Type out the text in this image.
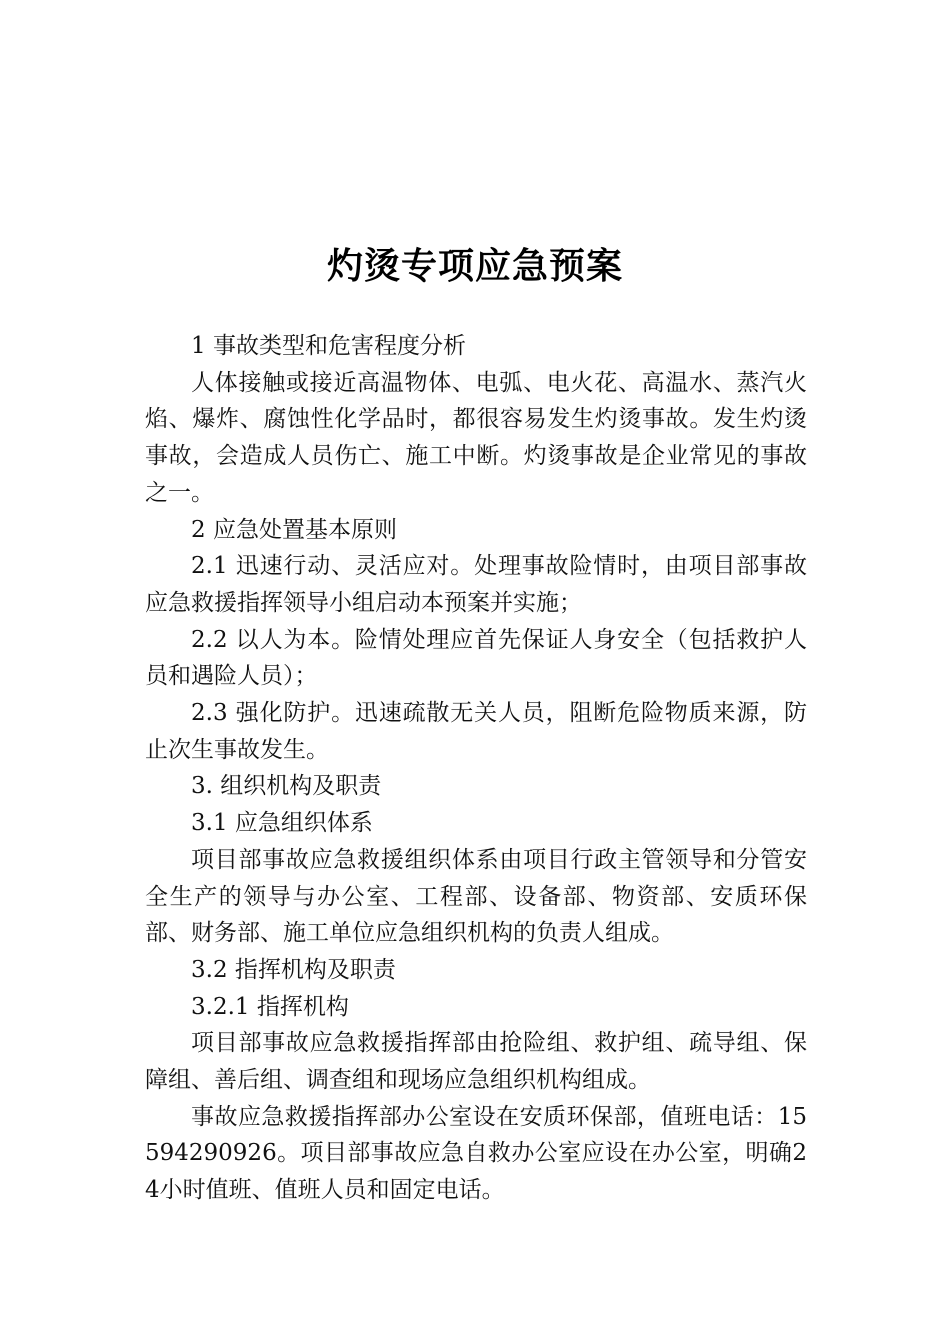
灼烫专项应急预案

1 事故类型和危害程度分析

人体接触或接近高温物体、电弧、电火花、高温水、蒸汽火焰、爆炸、腐蚀性化学品时，都很容易发生灼烫事故。发生灼烫事故，会造成人员伤亡、施工中断。灼烫事故是企业常见的事故之一。

2 应急处置基本原则

2.1 迅速行动、灵活应对。处理事故险情时，由项目部事故应急救援指挥领导小组启动本预案并实施；

2.2 以人为本。险情处理应首先保证人身安全（包括救护人员和遇险人员）；

2.3 强化防护。迅速疏散无关人员，阻断危险物质来源，防止次生事故发生。

3. 组织机构及职责

3.1 应急组织体系

项目部事故应急救援组织体系由项目行政主管领导和分管安全生产的领导与办公室、工程部、设备部、物资部、安质环保部、财务部、施工单位应急组织机构的负责人组成。

3.2 指挥机构及职责

3.2.1 指挥机构

项目部事故应急救援指挥部由抢险组、救护组、疏导组、保障组、善后组、调查组和现场应急组织机构组成。

事故应急救援指挥部办公室设在安质环保部，值班电话：15594290926。项目部事故应急自救办公室应设在办公室，明确24小时值班、值班人员和固定电话。
